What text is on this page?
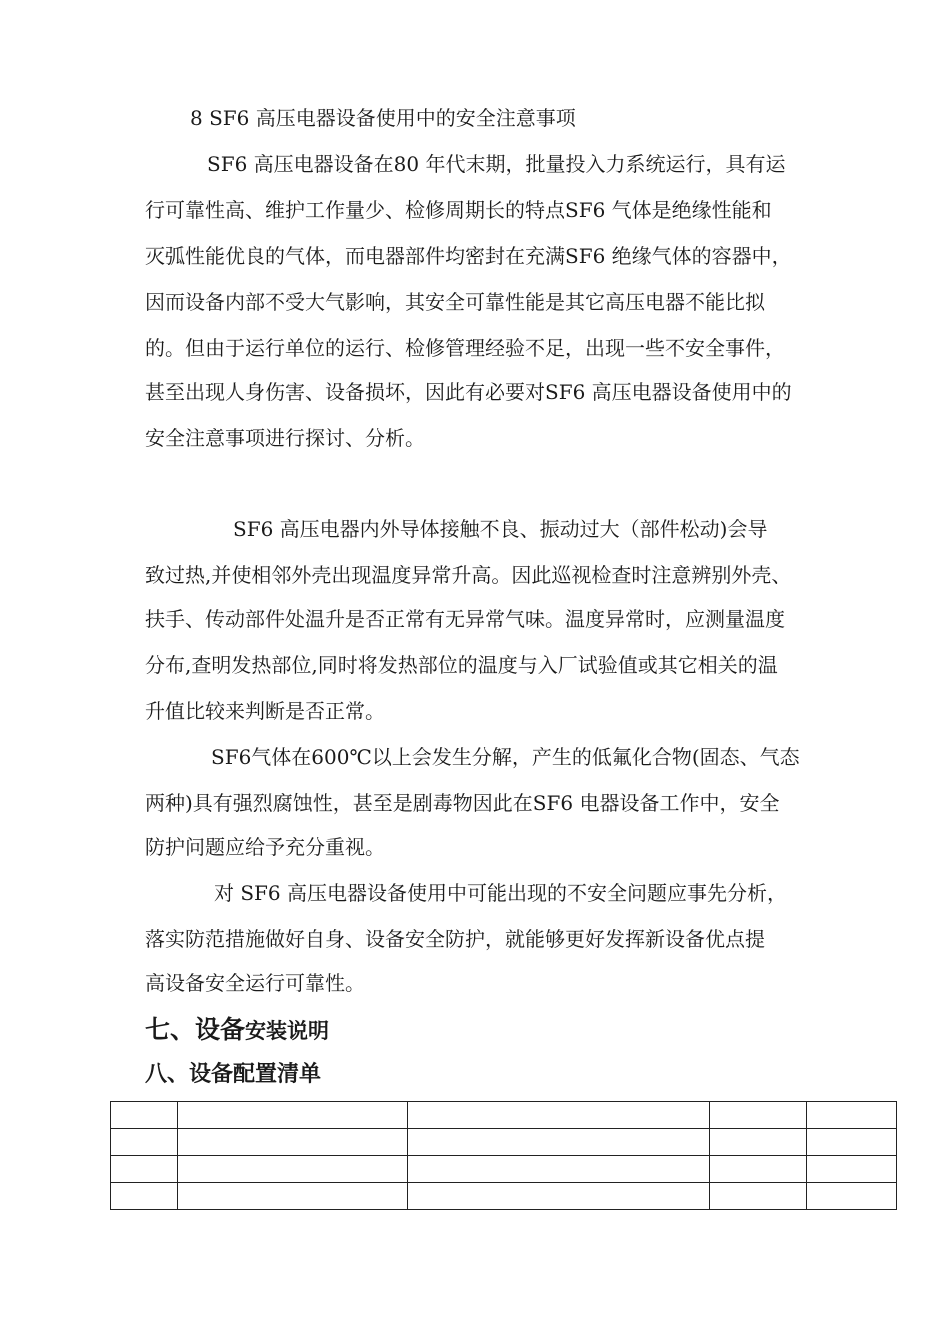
8 SF6 高压电器设备使用中的安全注意事项
SF6 高压电器设备在80 年代末期，批量投入力系统运行，具有运
行可靠性高、维护工作量少、检修周期长的特点SF6 气体是绝缘性能和
灭弧性能优良的气体，而电器部件均密封在充满SF6 绝缘气体的容器中，
因而设备内部不受大气影响，其安全可靠性能是其它高压电器不能比拟
的。但由于运行单位的运行、检修管理经验不足，出现一些不安全事件，
甚至出现人身伤害、设备损坏，因此有必要对SF6 高压电器设备使用中的
安全注意事项进行探讨、分析。
SF6 高压电器内外导体接触不良、振动过大（部件松动)会导
致过热,并使相邻外壳出现温度异常升高。因此巡视检查时注意辨别外壳、
扶手、传动部件处温升是否正常有无异常气味。温度异常时，应测量温度
分布,查明发热部位,同时将发热部位的温度与入厂试验值或其它相关的温
升值比较来判断是否正常。
SF6气体在600℃以上会发生分解，产生的低氟化合物(固态、气态
两种)具有强烈腐蚀性，甚至是剧毒物因此在SF6 电器设备工作中，安全
防护问题应给予充分重视。
对 SF6 高压电器设备使用中可能出现的不安全问题应事先分析，
落实防范措施做好自身、设备安全防护，就能够更好发挥新设备优点提
高设备安全运行可靠性。
七、设备安装说明
八、设备配置清单
